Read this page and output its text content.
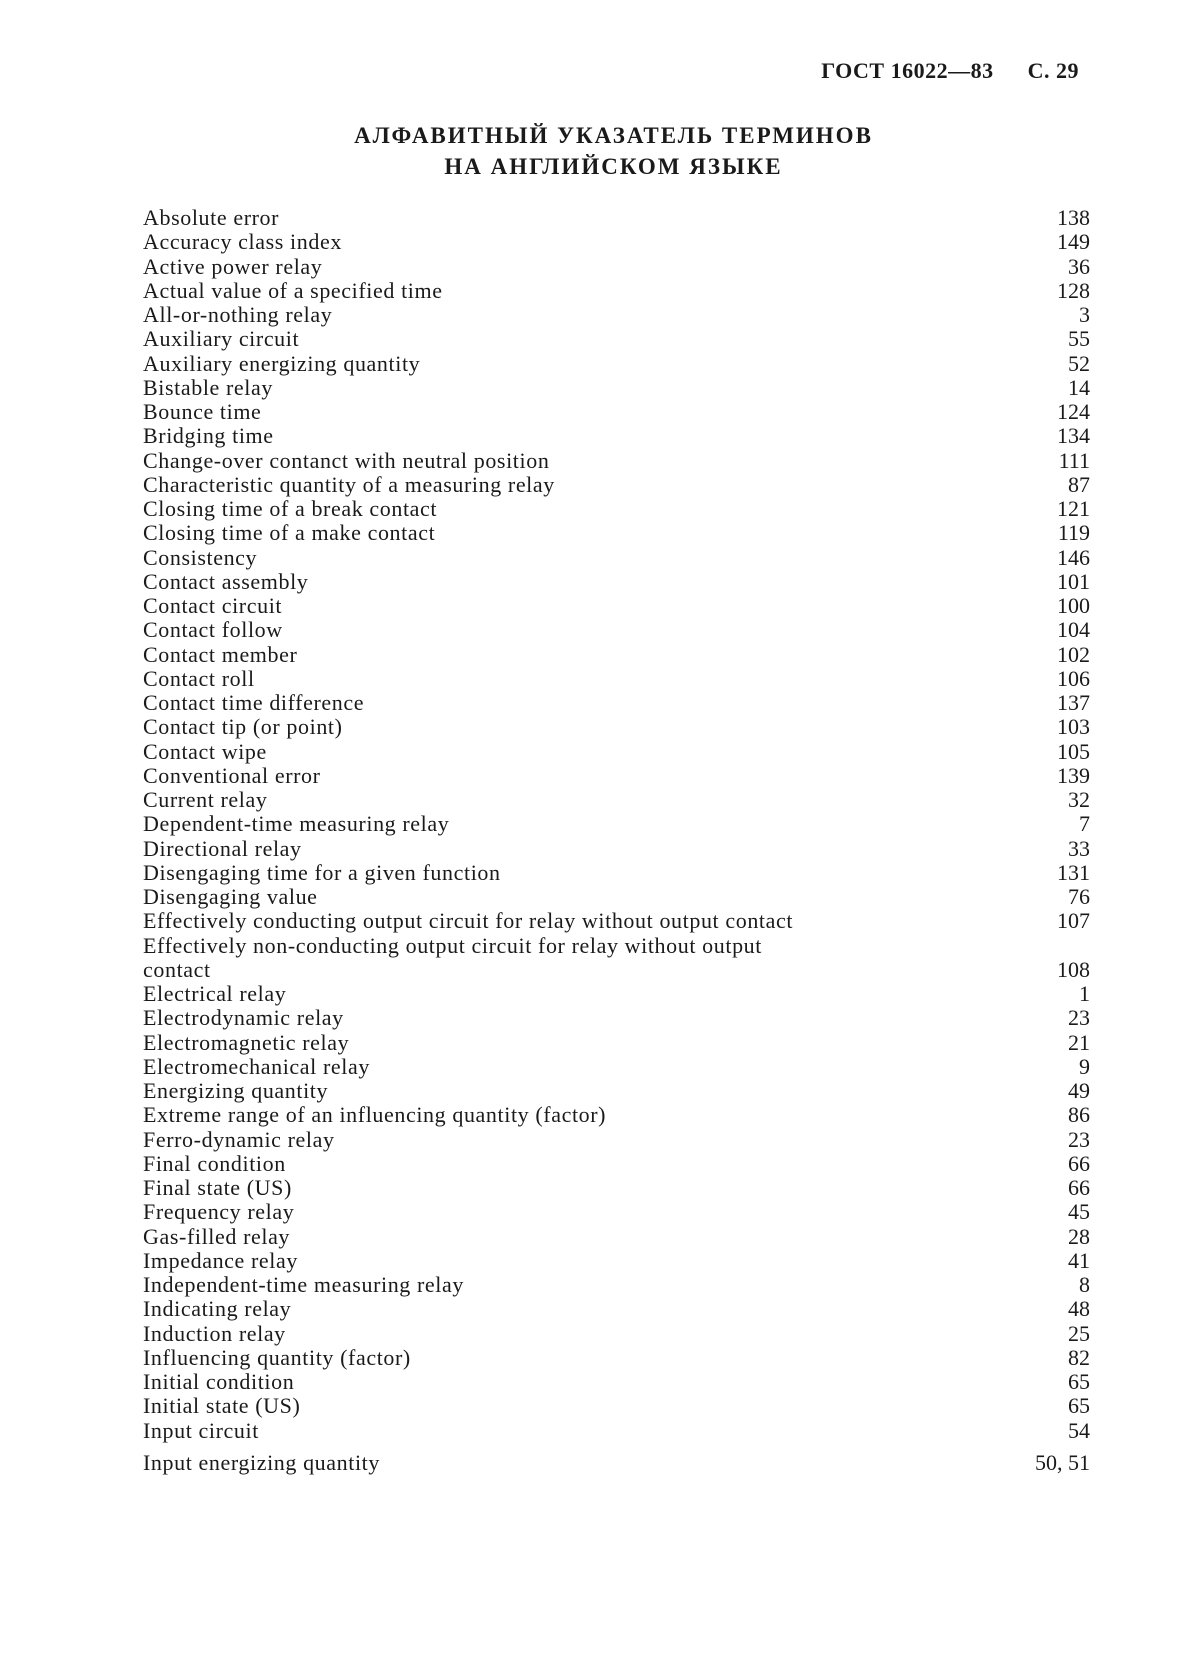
ГОСТ 16022—83 С. 29
АЛФАВИТНЫЙ УКАЗАТЕЛЬ ТЕРМИНОВ
НА АНГЛИЙСКОМ ЯЗЫКЕ
Absolute error	138
Accuracy class index	149
Active power relay	36
Actual value of a specified time	128
All-or-nothing relay	3
Auxiliary circuit	55
Auxiliary energizing quantity	52
Bistable relay	14
Bounce time	124
Bridging time	134
Change-over contanct with neutral position	111
Characteristic quantity of a measuring relay	87
Closing time of a break contact	121
Closing time of a make contact	119
Consistency	146
Contact assembly	101
Contact circuit	100
Contact follow	104
Contact member	102
Contact roll	106
Contact time difference	137
Contact tip (or point)	103
Contact wipe	105
Conventional error	139
Current relay	32
Dependent-time measuring relay	7
Directional relay	33
Disengaging time for a given function	131
Disengaging value	76
Effectively conducting output circuit for relay without output contact	107
Effectively non-conducting output circuit for relay without output contact	108
Electrical relay	1
Electrodynamic relay	23
Electromagnetic relay	21
Electromechanical relay	9
Energizing quantity	49
Extreme range of an influencing quantity (factor)	86
Ferro-dynamic relay	23
Final condition	66
Final state (US)	66
Frequency relay	45
Gas-filled relay	28
Impedance relay	41
Independent-time measuring relay	8
Indicating relay	48
Induction relay	25
Influencing quantity (factor)	82
Initial condition	65
Initial state (US)	65
Input circuit	54
Input energizing quantity	50, 51
